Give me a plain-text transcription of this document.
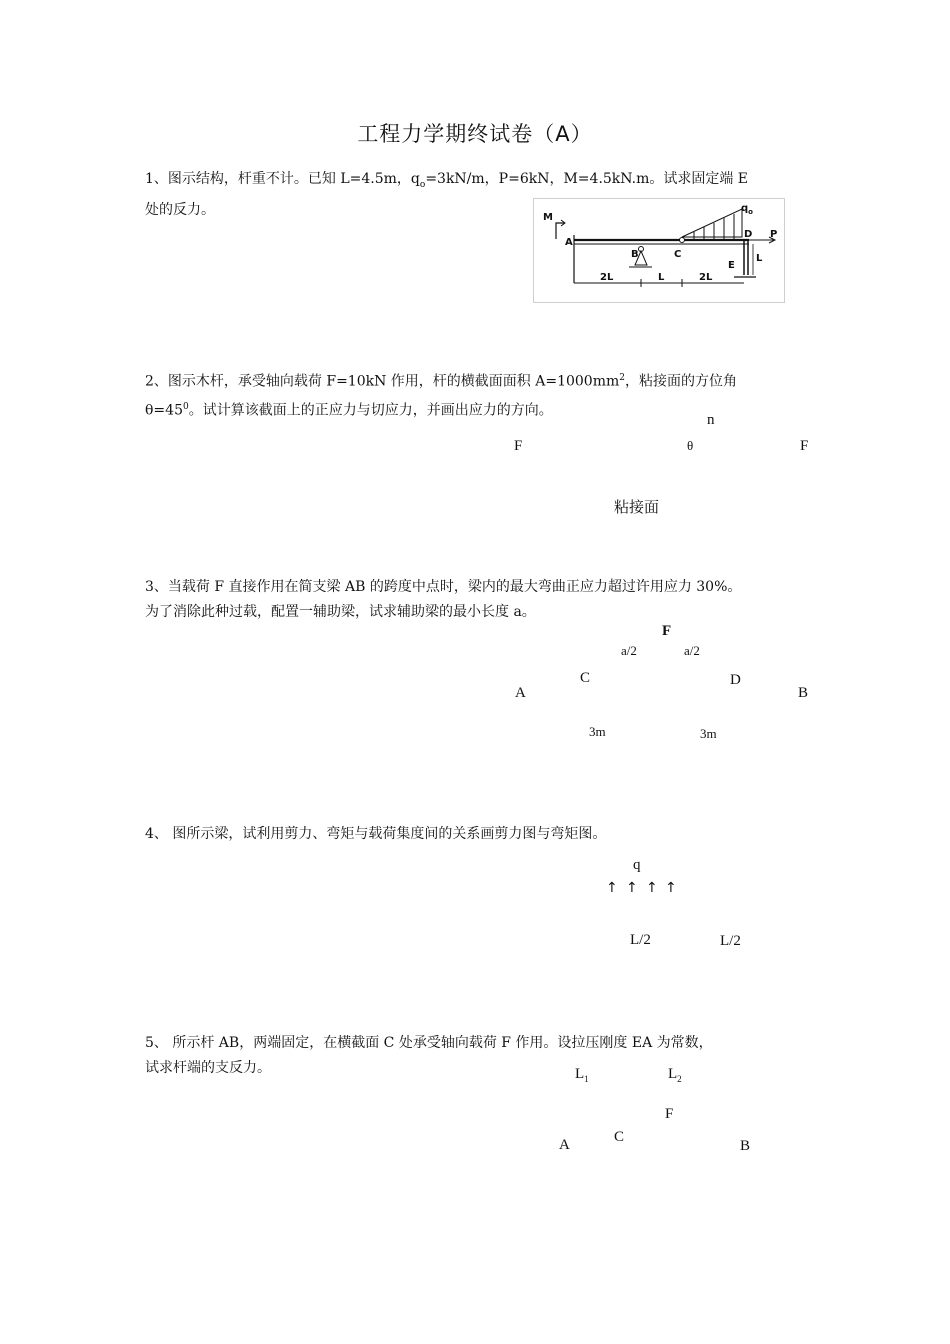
工程力学期终试卷（A）
1、图示结构，杆重不计。已知 L=4.5m，$q_o=3kN/m$，P=6kN，M=4.5kN.m。试求固定端 E
处的反力。	M
A
B	C
$q_o$
D P
E
L
2L	L	2L
2、图示木杆，承受轴向载荷 F=10kN 作用，杆的横截面面积 $A=1000mm^2$，粘接面的方位角
$\theta=45^0$。试计算该截面上的正应力与切应力，并画出应力的方向。
n
F	θ	F
粘接面
3、当载荷 F 直接作用在简支梁 AB 的跨度中点时，梁内的最大弯曲正应力超过许用应力 30%。
为了消除此种过载，配置一辅助梁，试求辅助梁的最小长度 a。
F
a/2	a/2
C	D
A	B
3m	3m
4、 图所示梁，试利用剪力、弯矩与载荷集度间的关系画剪力图与弯矩图。
q
↑ ↑ ↑ ↑
L/2	L/2
5、 所示杆 AB，两端固定，在横截面 C 处承受轴向载荷 F 作用。设拉压刚度 EA 为常数，
试求杆端的支反力。	$L_1$	$L_2$
F
C
A	B
